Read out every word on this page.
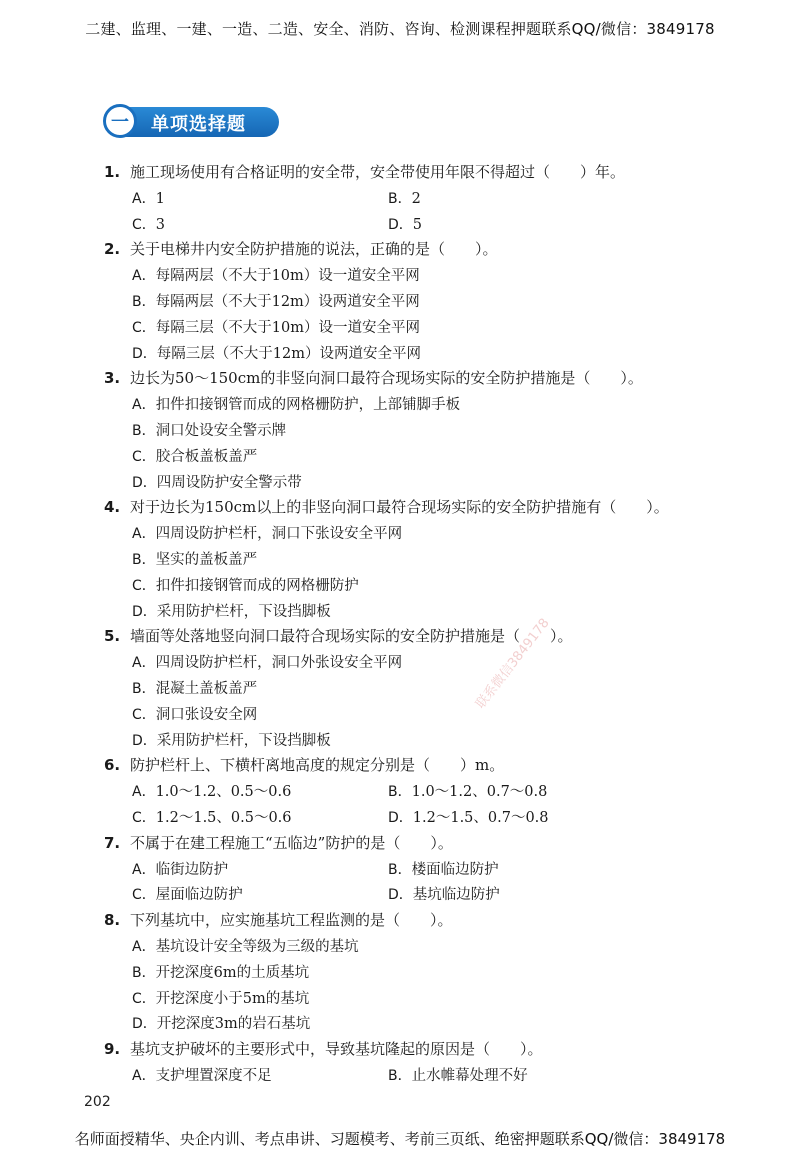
二建、监理、一建、一造、二造、安全、消防、咨询、检测课程押题联系QQ/微信：3849178
单项选择题
一
1. 施工现场使用有合格证明的安全带，安全带使用年限不得超过（　　）年。
A．1	B．2
C．3	D．5
2. 关于电梯井内安全防护措施的说法，正确的是（　　）。
A．每隔两层（不大于10m）设一道安全平网
B．每隔两层（不大于12m）设两道安全平网
C．每隔三层（不大于10m）设一道安全平网
D．每隔三层（不大于12m）设两道安全平网
3. 边长为50～150cm的非竖向洞口最符合现场实际的安全防护措施是（　　）。
A．扣件扣接钢管而成的网格栅防护，上部铺脚手板
B．洞口处设安全警示牌
C．胶合板盖板盖严
D．四周设防护安全警示带
4. 对于边长为150cm以上的非竖向洞口最符合现场实际的安全防护措施有（　　）。
A．四周设防护栏杆，洞口下张设安全平网
B．坚实的盖板盖严
C．扣件扣接钢管而成的网格栅防护
D．采用防护栏杆，下设挡脚板
5. 墙面等处落地竖向洞口最符合现场实际的安全防护措施是（　　）。
A．四周设防护栏杆，洞口外张设安全平网
B．混凝土盖板盖严
C．洞口张设安全网
D．采用防护栏杆，下设挡脚板
6. 防护栏杆上、下横杆离地高度的规定分别是（　　）m。
A．1.0～1.2、0.5～0.6	B．1.0～1.2、0.7～0.8
C．1.2～1.5、0.5～0.6	D．1.2～1.5、0.7～0.8
7. 不属于在建工程施工“五临边”防护的是（　　）。
A．临街边防护	B．楼面临边防护
C．屋面临边防护	D．基坑临边防护
8. 下列基坑中，应实施基坑工程监测的是（　　）。
A．基坑设计安全等级为三级的基坑
B．开挖深度6m的土质基坑
C．开挖深度小于5m的基坑
D．开挖深度3m的岩石基坑
9. 基坑支护破坏的主要形式中，导致基坑隆起的原因是（　　）。
A．支护埋置深度不足	B．止水帷幕处理不好
联系微信3849178
202
名师面授精华、央企内训、考点串讲、习题模考、考前三页纸、绝密押题联系QQ/微信：3849178
